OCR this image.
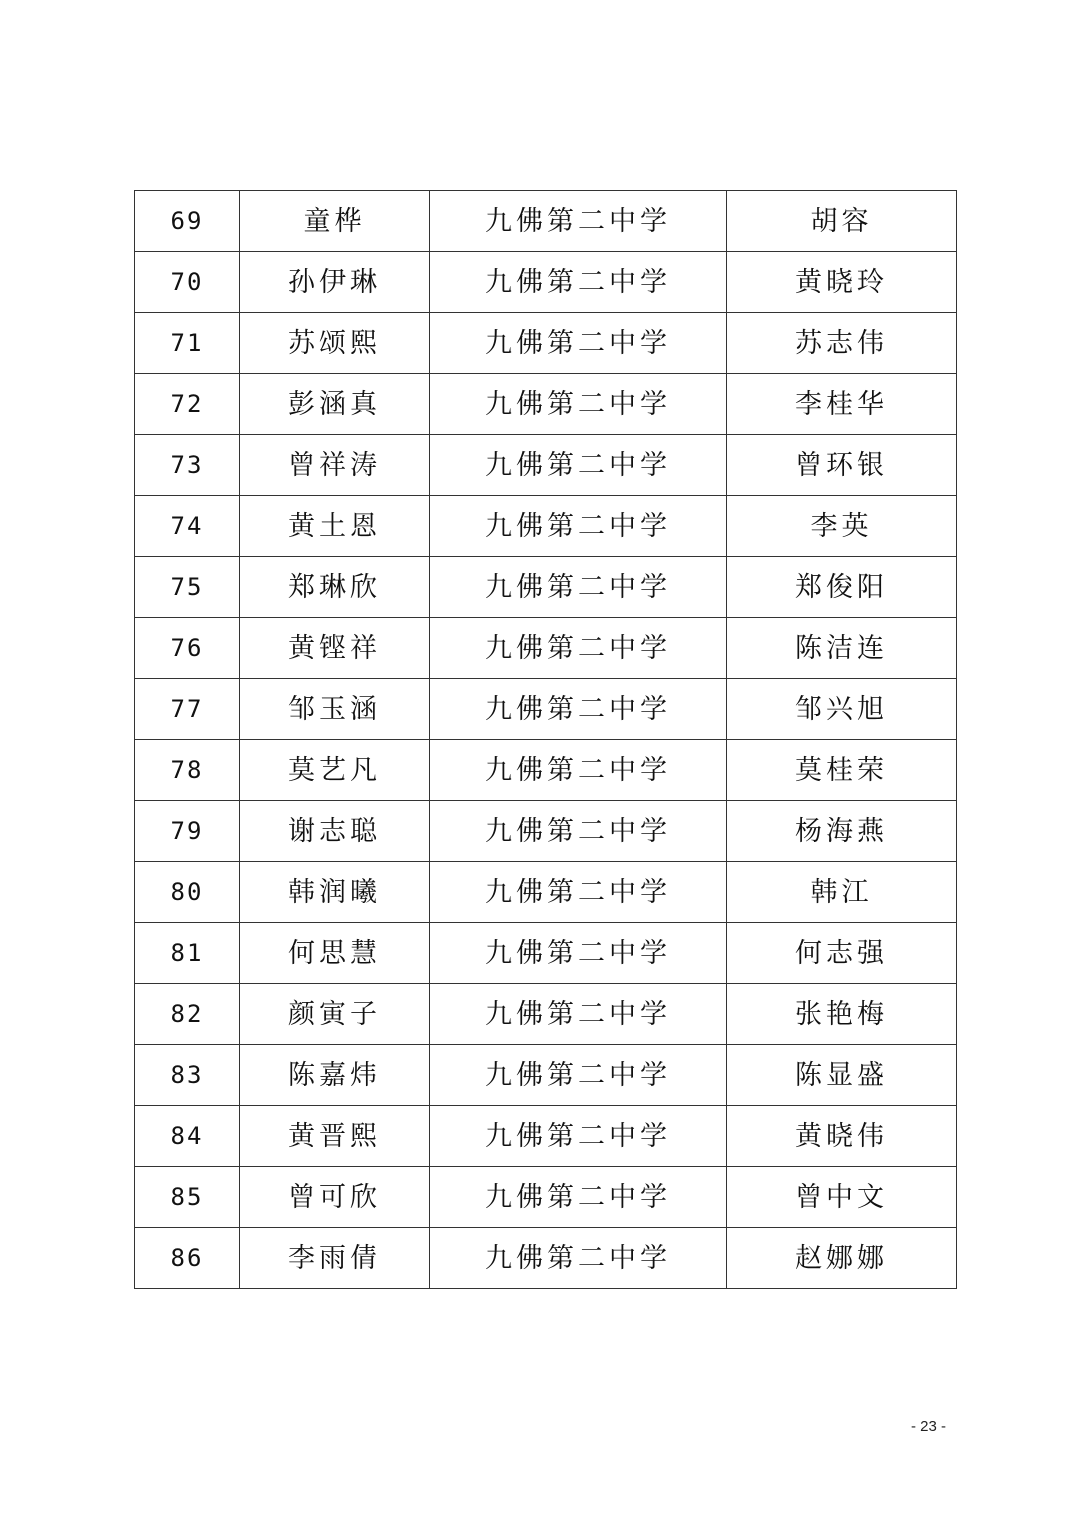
69	童桦	九佛第二中学	胡容
70	孙伊琳	九佛第二中学	黄晓玲
71	苏颂熙	九佛第二中学	苏志伟
72	彭涵真	九佛第二中学	李桂华
73	曾祥涛	九佛第二中学	曾环银
74	黄土恩	九佛第二中学	李英
75	郑琳欣	九佛第二中学	郑俊阳
76	黄铿祥	九佛第二中学	陈洁连
77	邹玉涵	九佛第二中学	邹兴旭
78	莫艺凡	九佛第二中学	莫桂荣
79	谢志聪	九佛第二中学	杨海燕
80	韩润曦	九佛第二中学	韩江
81	何思慧	九佛第二中学	何志强
82	颜寅子	九佛第二中学	张艳梅
83	陈嘉炜	九佛第二中学	陈显盛
84	黄晋熙	九佛第二中学	黄晓伟
85	曾可欣	九佛第二中学	曾中文
86	李雨倩	九佛第二中学	赵娜娜
- 23 -
